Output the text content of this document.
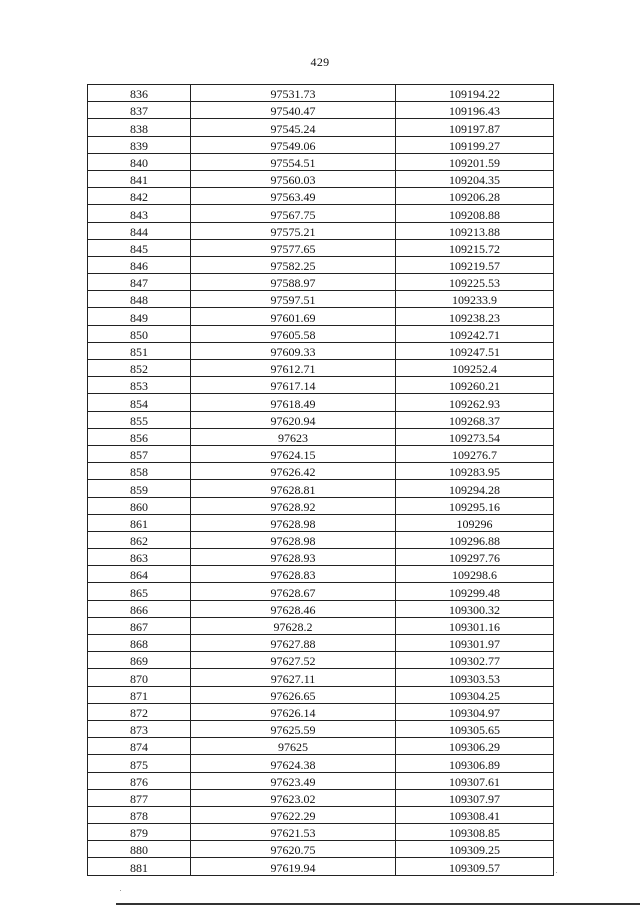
429
836	97531.73	109194.22
837	97540.47	109196.43
838	97545.24	109197.87
839	97549.06	109199.27
840	97554.51	109201.59
841	97560.03	109204.35
842	97563.49	109206.28
843	97567.75	109208.88
844	97575.21	109213.88
845	97577.65	109215.72
846	97582.25	109219.57
847	97588.97	109225.53
848	97597.51	109233.9
849	97601.69	109238.23
850	97605.58	109242.71
851	97609.33	109247.51
852	97612.71	109252.4
853	97617.14	109260.21
854	97618.49	109262.93
855	97620.94	109268.37
856	97623	109273.54
857	97624.15	109276.7
858	97626.42	109283.95
859	97628.81	109294.28
860	97628.92	109295.16
861	97628.98	109296
862	97628.98	109296.88
863	97628.93	109297.76
864	97628.83	109298.6
865	97628.67	109299.48
866	97628.46	109300.32
867	97628.2	109301.16
868	97627.88	109301.97
869	97627.52	109302.77
870	97627.11	109303.53
871	97626.65	109304.25
872	97626.14	109304.97
873	97625.59	109305.65
874	97625	109306.29
875	97624.38	109306.89
876	97623.49	109307.61
877	97623.02	109307.97
878	97622.29	109308.41
879	97621.53	109308.85
880	97620.75	109309.25
881	97619.94	109309.57
